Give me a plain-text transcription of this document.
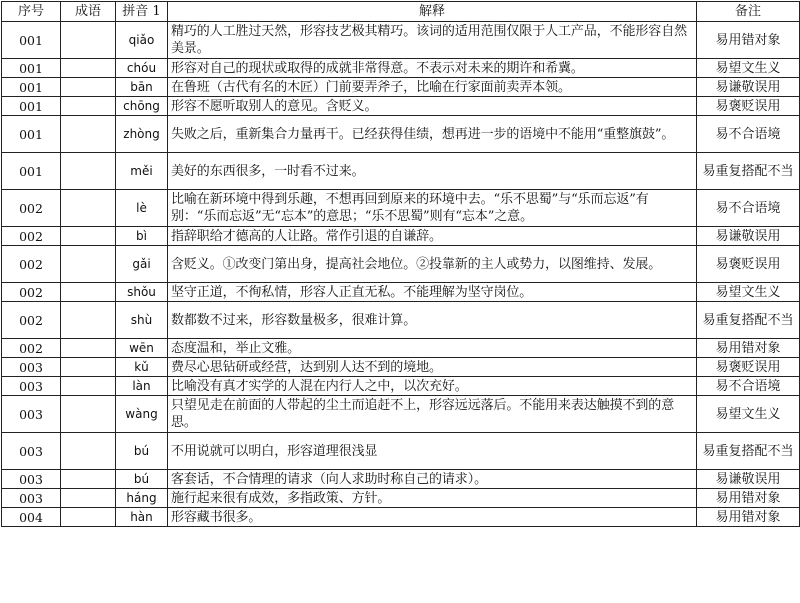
序号	成语	拼音 1	解释	备注
001		qiǎo	精巧的人工胜过天然，形容技艺极其精巧。该词的适用范围仅限于人工产品，不能形容自然美景。	易用错对象
001		chóu	形容对自己的现状或取得的成就非常得意。不表示对未来的期许和希冀。	易望文生义
001		bān	在鲁班（古代有名的木匠）门前要弄斧子，比喻在行家面前卖弄本领。	易谦敬误用
001		chōng	形容不愿听取别人的意见。含贬义。	易褒贬误用
001		zhòng	失败之后，重新集合力量再干。已经获得佳绩，想再进一步的语境中不能用“重整旗鼓”。	易不合语境
001		měi	美好的东西很多，一时看不过来。	易重复搭配不当
002		lè	比喻在新环境中得到乐趣，不想再回到原来的环境中去。“乐不思蜀”与“乐而忘返”有别：“乐而忘返”无“忘本”的意思；“乐不思蜀”则有“忘本”之意。	易不合语境
002		bì	指辞职给才德高的人让路。常作引退的自谦辞。	易谦敬误用
002		gǎi	含贬义。①改变门第出身，提高社会地位。②投靠新的主人或势力，以图维持、发展。	易褒贬误用
002		shǒu	坚守正道，不徇私情，形容人正直无私。不能理解为坚守岗位。	易望文生义
002		shù	数都数不过来，形容数量极多，很难计算。	易重复搭配不当
002		wēn	态度温和，举止文雅。	易用错对象
003		kǔ	费尽心思钻研或经营，达到别人达不到的境地。	易褒贬误用
003		làn	比喻没有真才实学的人混在内行人之中，以次充好。	易不合语境
003		wàng	只望见走在前面的人带起的尘土而追赶不上，形容远远落后。不能用来表达触摸不到的意思。	易望文生义
003		bú	不用说就可以明白，形容道理很浅显	易重复搭配不当
003		bú	客套话，不合情理的请求（向人求助时称自己的请求）。	易谦敬误用
003		háng	施行起来很有成效，多指政策、方针。	易用错对象
004		hàn	形容藏书很多。	易用错对象
